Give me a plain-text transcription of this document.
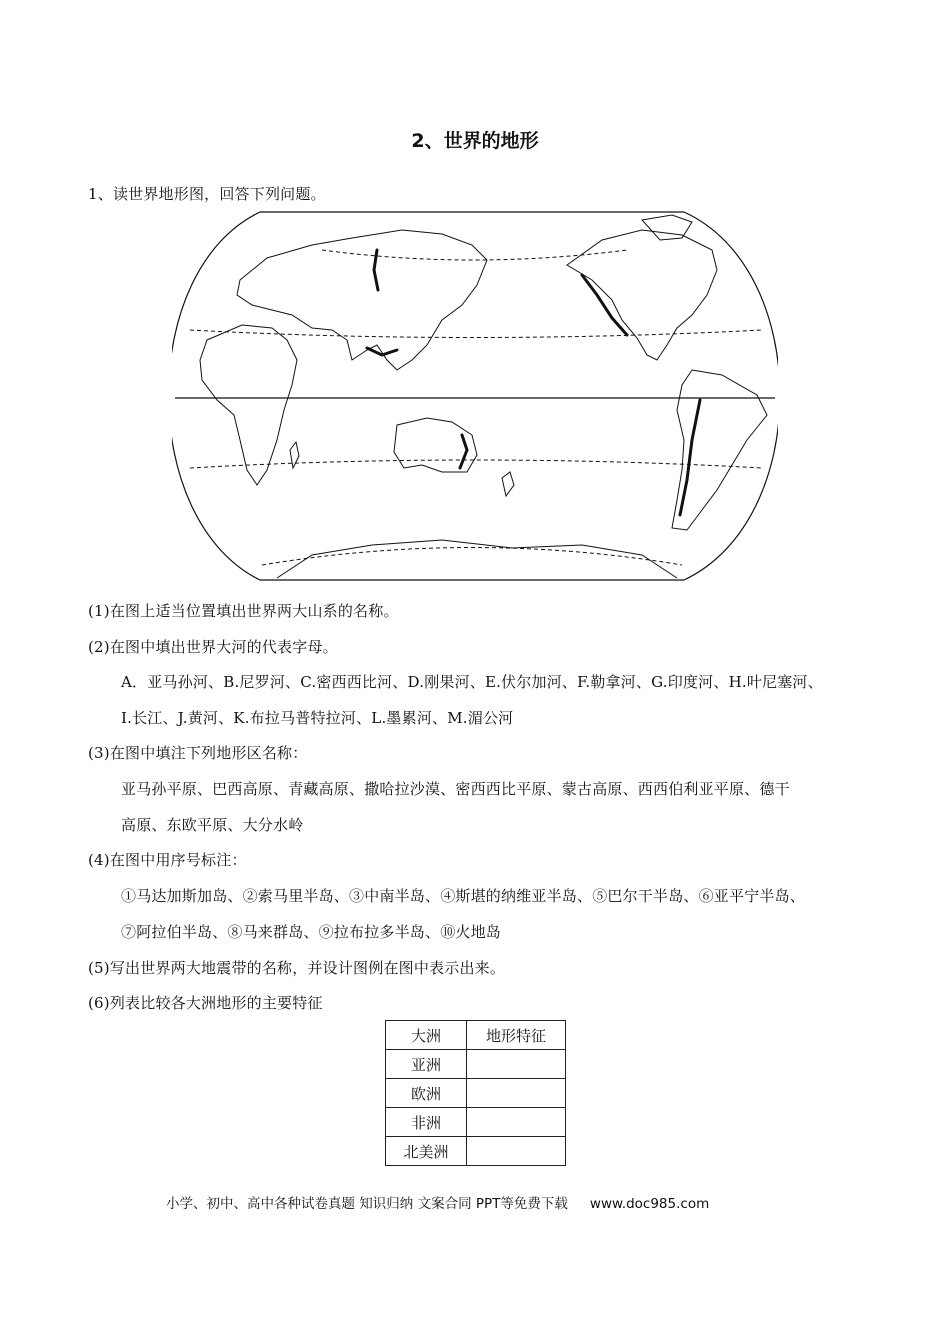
2、世界的地形
1、读世界地形图，回答下列问题。
(1)在图上适当位置填出世界两大山系的名称。
(2)在图中填出世界大河的代表字母。
A．亚马孙河、B.尼罗河、C.密西西比河、D.刚果河、E.伏尔加河、F.勒拿河、G.印度河、H.叶尼塞河、
I.长江、J.黄河、K.布拉马普特拉河、L.墨累河、M.湄公河
(3)在图中填注下列地形区名称：
亚马孙平原、巴西高原、青藏高原、撒哈拉沙漠、密西西比平原、蒙古高原、西西伯利亚平原、德干
高原、东欧平原、大分水岭
(4)在图中用序号标注：
①马达加斯加岛、②索马里半岛、③中南半岛、④斯堪的纳维亚半岛、⑤巴尔干半岛、⑥亚平宁半岛、
⑦阿拉伯半岛、⑧马来群岛、⑨拉布拉多半岛、⑩火地岛
(5)写出世界两大地震带的名称，并设计图例在图中表示出来。
(6)列表比较各大洲地形的主要特征
大洲	地形特征
亚洲	
欧洲	
非洲	
北美洲	
小学、初中、高中各种试卷真题 知识归纳 文案合同 PPT等免费下载 www.doc985.com
